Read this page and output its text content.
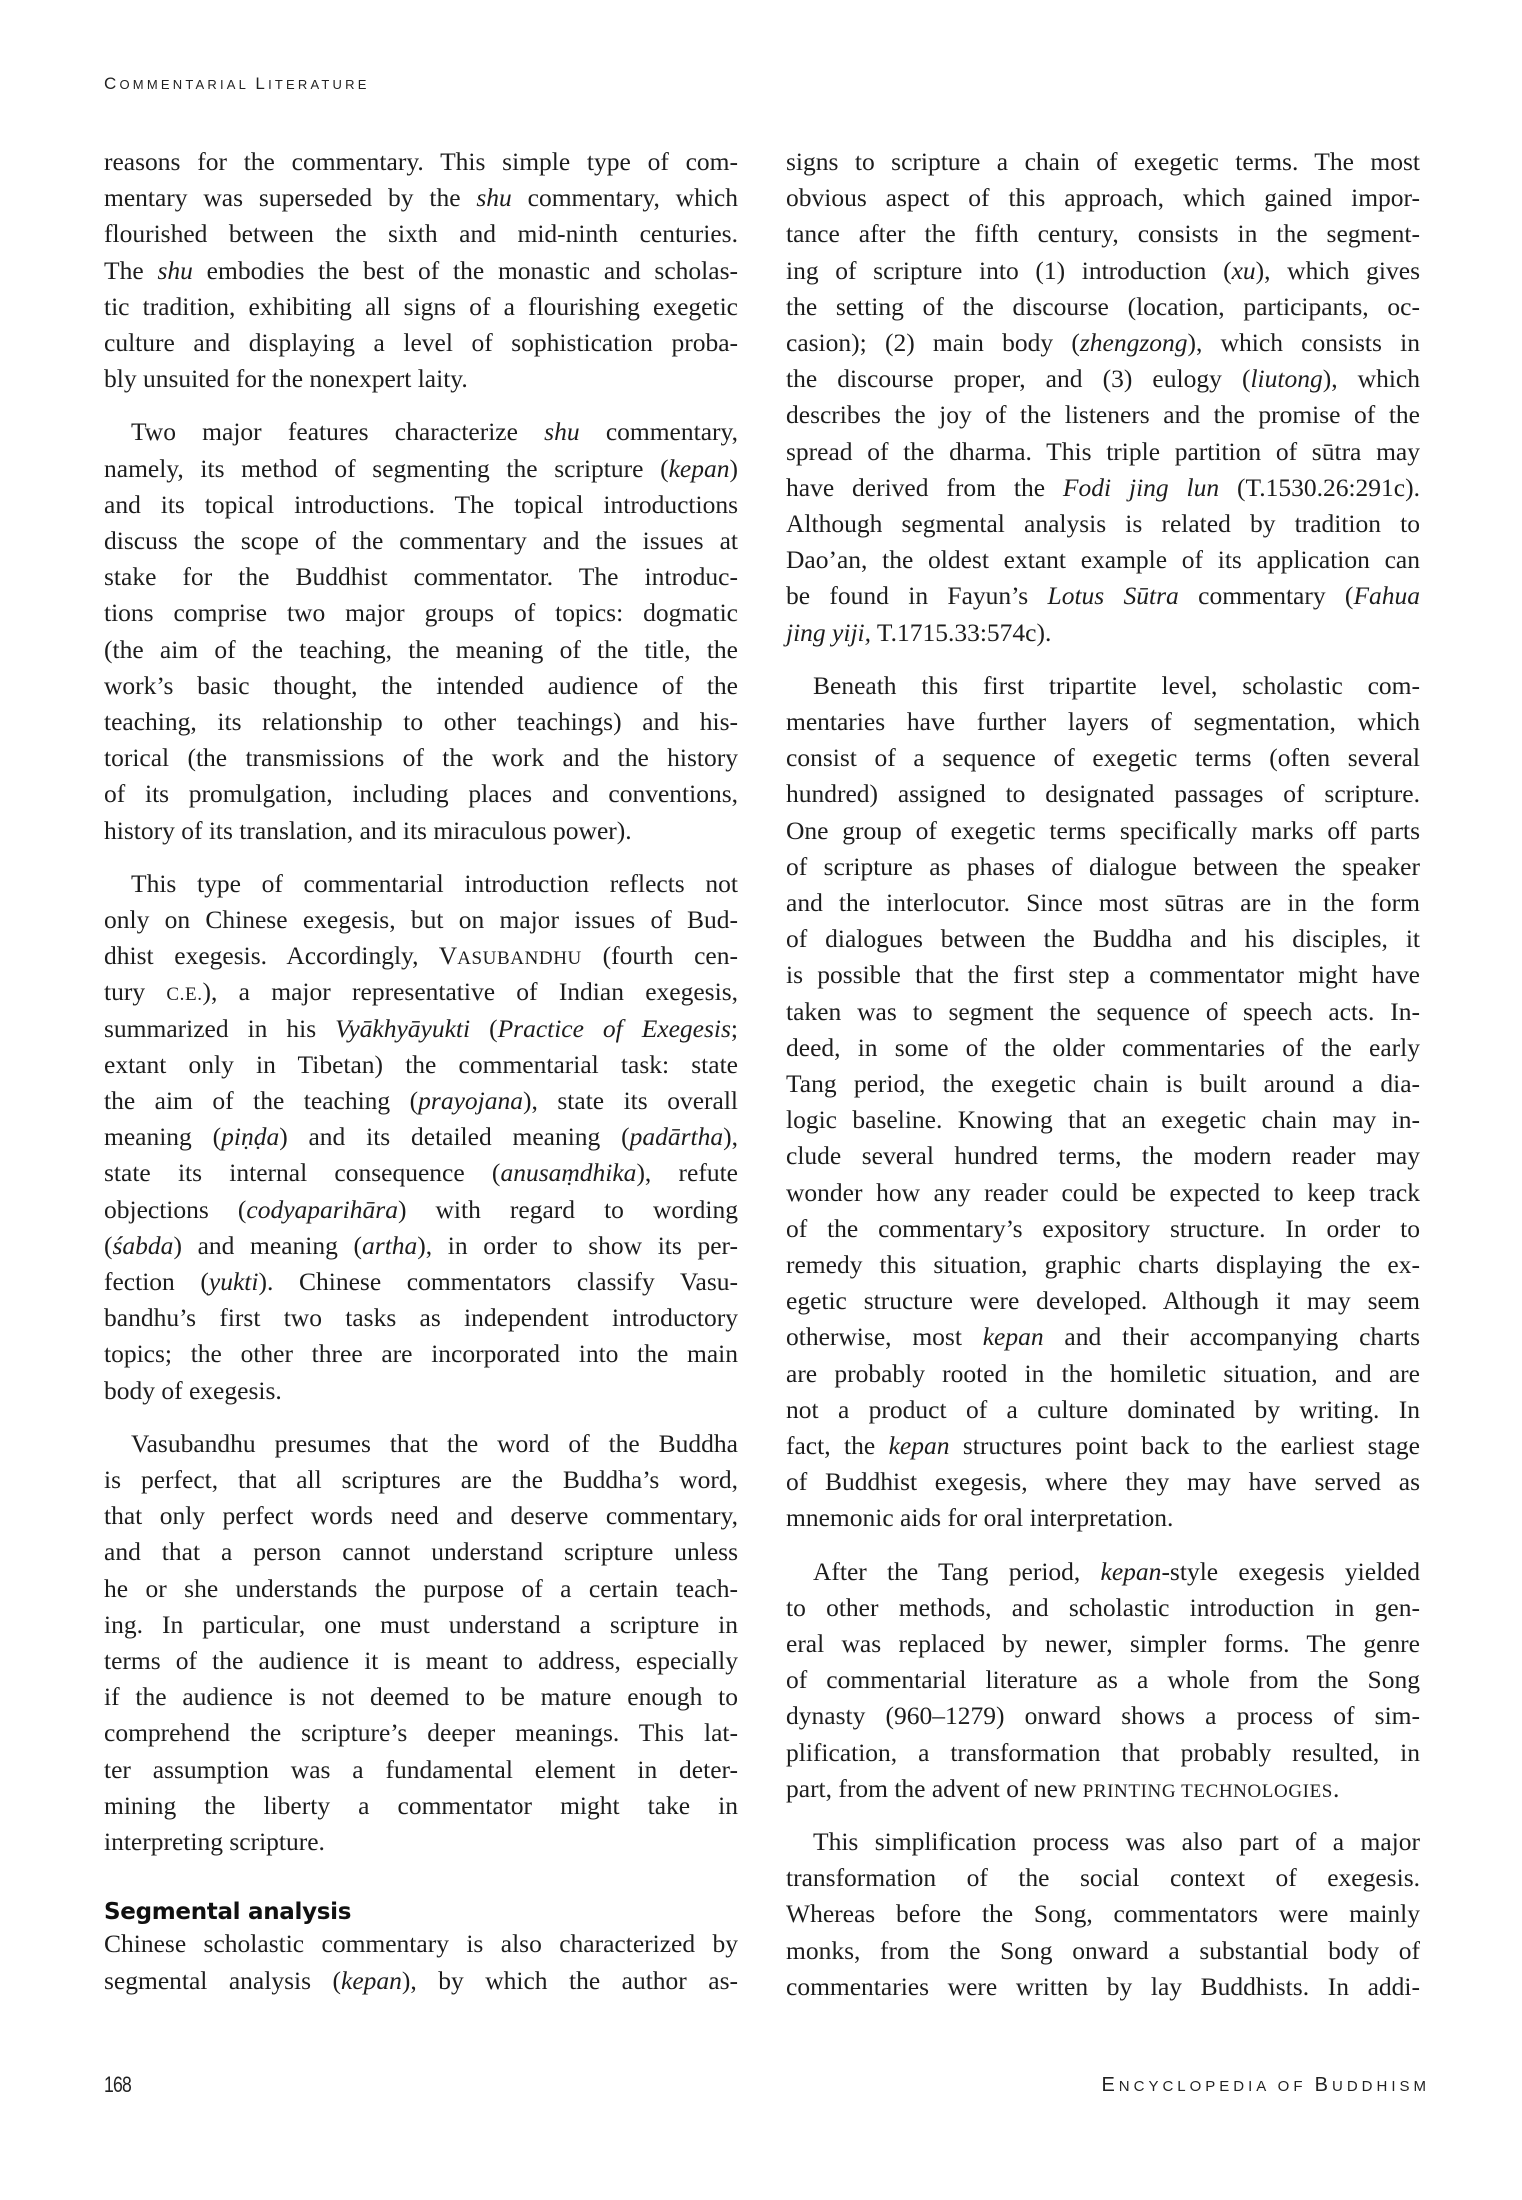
COMMENTARIAL LITERATURE
reasons for the commentary. This simple type of com-
mentary was superseded by the shu commentary, which
flourished between the sixth and mid-ninth centuries.
The shu embodies the best of the monastic and scholas-
tic tradition, exhibiting all signs of a flourishing exegetic
culture and displaying a level of sophistication proba-
bly unsuited for the nonexpert laity.
Two major features characterize shu commentary,
namely, its method of segmenting the scripture (kepan)
and its topical introductions. The topical introductions
discuss the scope of the commentary and the issues at
stake for the Buddhist commentator. The introduc-
tions comprise two major groups of topics: dogmatic
(the aim of the teaching, the meaning of the title, the
work’s basic thought, the intended audience of the
teaching, its relationship to other teachings) and his-
torical (the transmissions of the work and the history
of its promulgation, including places and conventions,
history of its translation, and its miraculous power).
This type of commentarial introduction reflects not
only on Chinese exegesis, but on major issues of Bud-
dhist exegesis. Accordingly, VASUBANDHU (fourth cen-
tury C.E.), a major representative of Indian exegesis,
summarized in his Vyākhyāyukti (Practice of Exegesis;
extant only in Tibetan) the commentarial task: state
the aim of the teaching (prayojana), state its overall
meaning (piṇḍa) and its detailed meaning (padārtha),
state its internal consequence (anusaṃdhika), refute
objections (codyaparihāra) with regard to wording
(śabda) and meaning (artha), in order to show its per-
fection (yukti). Chinese commentators classify Vasu-
bandhu’s first two tasks as independent introductory
topics; the other three are incorporated into the main
body of exegesis.
Vasubandhu presumes that the word of the Buddha
is perfect, that all scriptures are the Buddha’s word,
that only perfect words need and deserve commentary,
and that a person cannot understand scripture unless
he or she understands the purpose of a certain teach-
ing. In particular, one must understand a scripture in
terms of the audience it is meant to address, especially
if the audience is not deemed to be mature enough to
comprehend the scripture’s deeper meanings. This lat-
ter assumption was a fundamental element in deter-
mining the liberty a commentator might take in
interpreting scripture.
Segmental analysis
Chinese scholastic commentary is also characterized by
segmental analysis (kepan), by which the author as-
signs to scripture a chain of exegetic terms. The most
obvious aspect of this approach, which gained impor-
tance after the fifth century, consists in the segment-
ing of scripture into (1) introduction (xu), which gives
the setting of the discourse (location, participants, oc-
casion); (2) main body (zhengzong), which consists in
the discourse proper, and (3) eulogy (liutong), which
describes the joy of the listeners and the promise of the
spread of the dharma. This triple partition of sūtra may
have derived from the Fodi jing lun (T.1530.26:291c).
Although segmental analysis is related by tradition to
Dao’an, the oldest extant example of its application can
be found in Fayun’s Lotus Sūtra commentary (Fahua
jing yiji, T.1715.33:574c).
Beneath this first tripartite level, scholastic com-
mentaries have further layers of segmentation, which
consist of a sequence of exegetic terms (often several
hundred) assigned to designated passages of scripture.
One group of exegetic terms specifically marks off parts
of scripture as phases of dialogue between the speaker
and the interlocutor. Since most sūtras are in the form
of dialogues between the Buddha and his disciples, it
is possible that the first step a commentator might have
taken was to segment the sequence of speech acts. In-
deed, in some of the older commentaries of the early
Tang period, the exegetic chain is built around a dia-
logic baseline. Knowing that an exegetic chain may in-
clude several hundred terms, the modern reader may
wonder how any reader could be expected to keep track
of the commentary’s expository structure. In order to
remedy this situation, graphic charts displaying the ex-
egetic structure were developed. Although it may seem
otherwise, most kepan and their accompanying charts
are probably rooted in the homiletic situation, and are
not a product of a culture dominated by writing. In
fact, the kepan structures point back to the earliest stage
of Buddhist exegesis, where they may have served as
mnemonic aids for oral interpretation.
After the Tang period, kepan-style exegesis yielded
to other methods, and scholastic introduction in gen-
eral was replaced by newer, simpler forms. The genre
of commentarial literature as a whole from the Song
dynasty (960–1279) onward shows a process of sim-
plification, a transformation that probably resulted, in
part, from the advent of new PRINTING TECHNOLOGIES.
This simplification process was also part of a major
transformation of the social context of exegesis.
Whereas before the Song, commentators were mainly
monks, from the Song onward a substantial body of
commentaries were written by lay Buddhists. In addi-
168	ENCYCLOPEDIA OF BUDDHISM
